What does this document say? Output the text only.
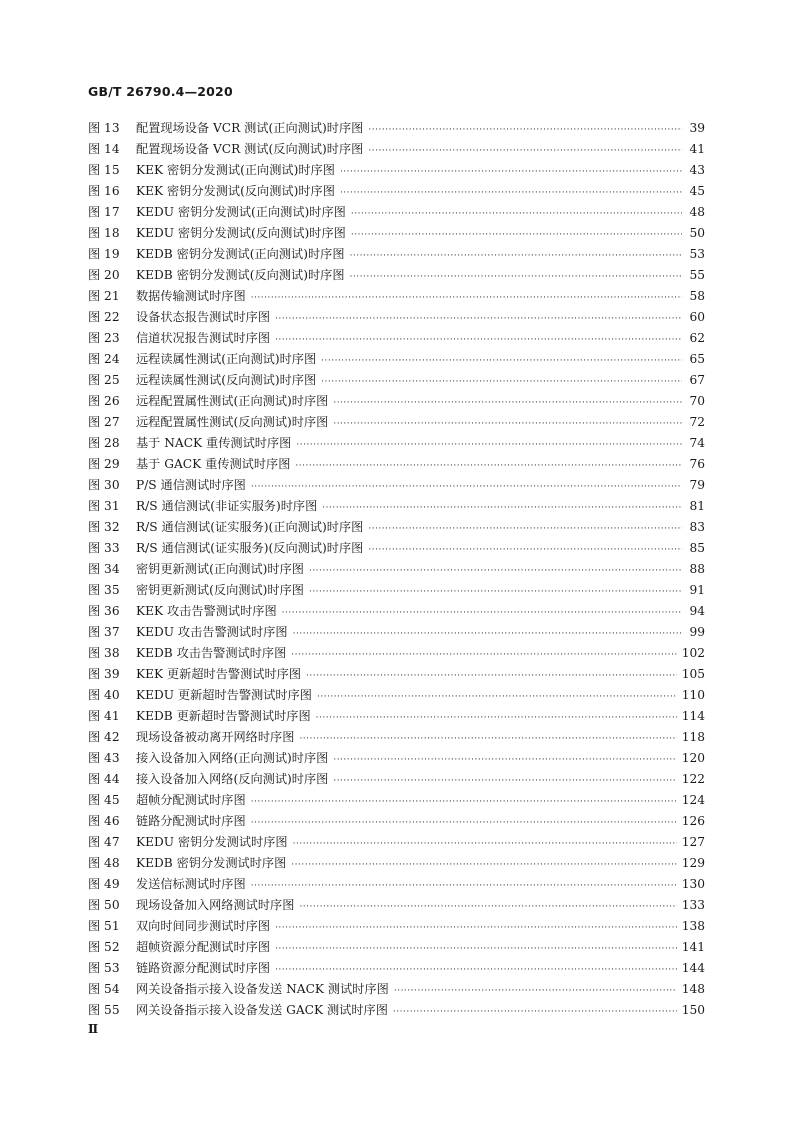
GB/T 26790.4—2020
图 13	配置现场设备 VCR 测试(正向测试)时序图 ·····	39
图 14	配置现场设备 VCR 测试(反向测试)时序图 ·····	41
图 15	KEK 密钥分发测试(正向测试)时序图 ·····	43
图 16	KEK 密钥分发测试(反向测试)时序图 ·····	45
图 17	KEDU 密钥分发测试(正向测试)时序图 ·····	48
图 18	KEDU 密钥分发测试(反向测试)时序图 ·····	50
图 19	KEDB 密钥分发测试(正向测试)时序图 ·····	53
图 20	KEDB 密钥分发测试(反向测试)时序图 ·····	55
图 21	数据传输测试时序图 ·····	58
图 22	设备状态报告测试时序图 ·····	60
图 23	信道状况报告测试时序图 ·····	62
图 24	远程读属性测试(正向测试)时序图 ·····	65
图 25	远程读属性测试(反向测试)时序图 ·····	67
图 26	远程配置属性测试(正向测试)时序图 ·····	70
图 27	远程配置属性测试(反向测试)时序图 ·····	72
图 28	基于 NACK 重传测试时序图 ·····	74
图 29	基于 GACK 重传测试时序图 ·····	76
图 30	P/S 通信测试时序图 ·····	79
图 31	R/S 通信测试(非证实服务)时序图 ·····	81
图 32	R/S 通信测试(证实服务)(正向测试)时序图 ·····	83
图 33	R/S 通信测试(证实服务)(反向测试)时序图 ·····	85
图 34	密钥更新测试(正向测试)时序图 ·····	88
图 35	密钥更新测试(反向测试)时序图 ·····	91
图 36	KEK 攻击告警测试时序图 ·····	94
图 37	KEDU 攻击告警测试时序图 ·····	99
图 38	KEDB 攻击告警测试时序图 ·····	102
图 39	KEK 更新超时告警测试时序图 ·····	105
图 40	KEDU 更新超时告警测试时序图 ·····	110
图 41	KEDB 更新超时告警测试时序图 ·····	114
图 42	现场设备被动离开网络时序图 ·····	118
图 43	接入设备加入网络(正向测试)时序图 ·····	120
图 44	接入设备加入网络(反向测试)时序图 ·····	122
图 45	超帧分配测试时序图 ·····	124
图 46	链路分配测试时序图 ·····	126
图 47	KEDU 密钥分发测试时序图 ·····	127
图 48	KEDB 密钥分发测试时序图 ·····	129
图 49	发送信标测试时序图 ·····	130
图 50	现场设备加入网络测试时序图 ·····	133
图 51	双向时间同步测试时序图 ·····	138
图 52	超帧资源分配测试时序图 ·····	141
图 53	链路资源分配测试时序图 ·····	144
图 54	网关设备指示接入设备发送 NACK 测试时序图 ·····	148
图 55	网关设备指示接入设备发送 GACK 测试时序图 ·····	150
Ⅱ
